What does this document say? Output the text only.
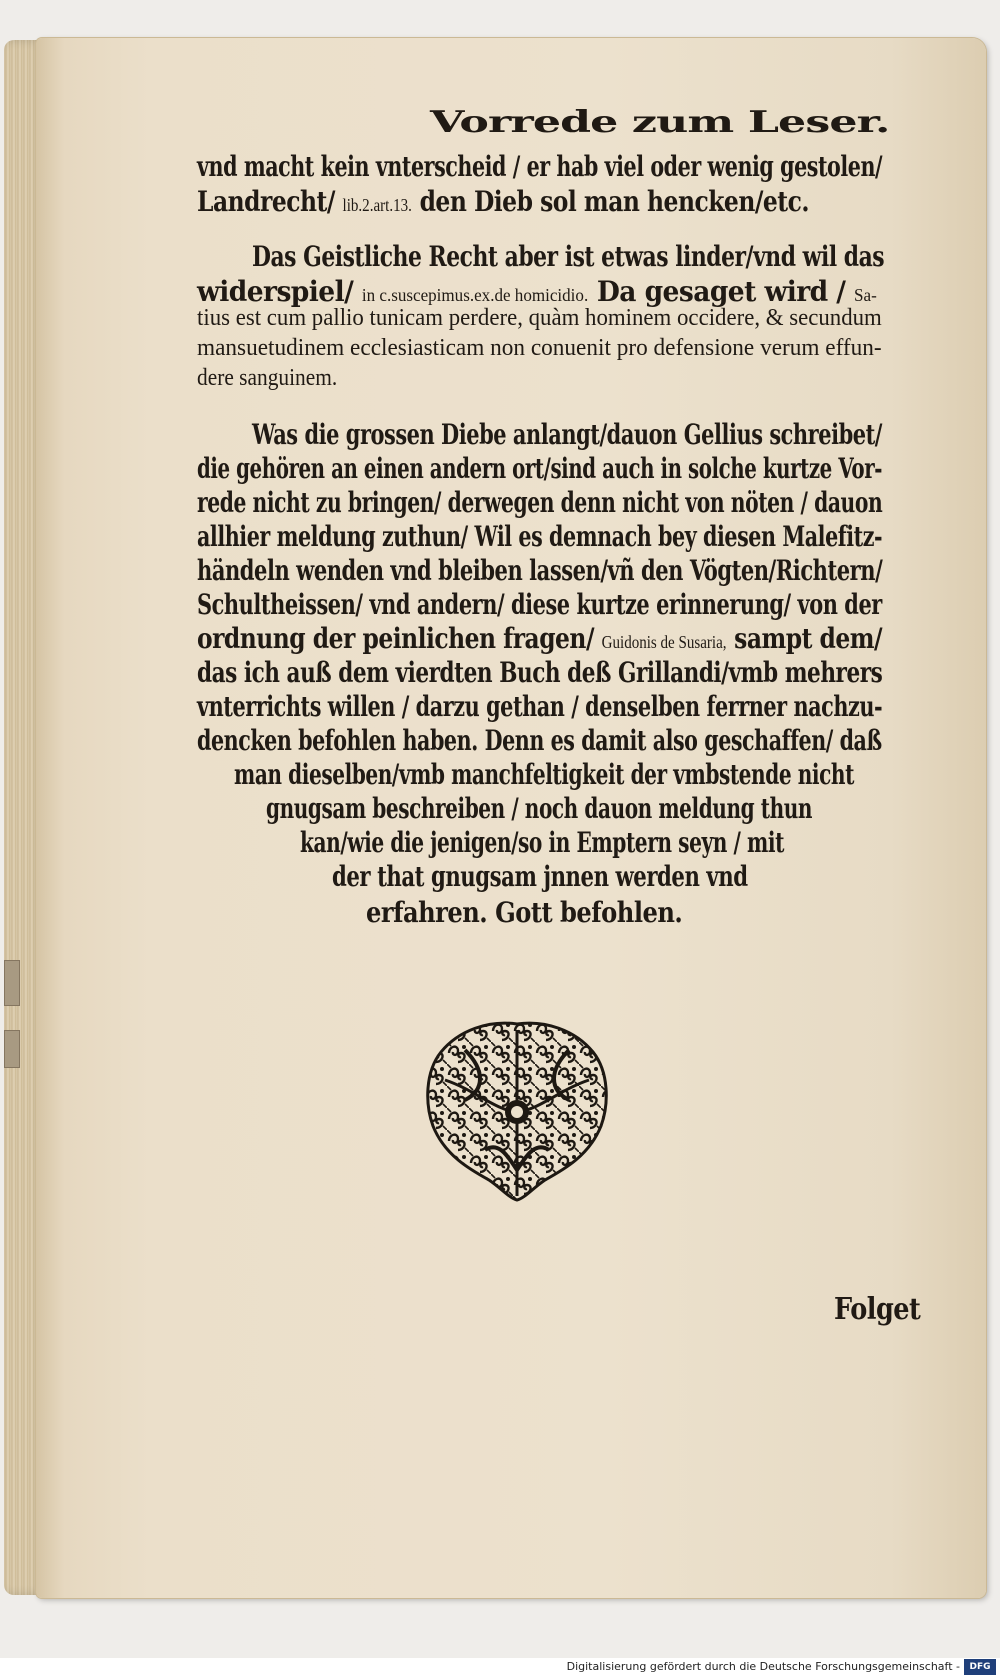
Vorrede zum Leser.
vnd macht kein vnterscheid / er hab viel oder wenig gestolen/
Landrecht/ lib.2.art.13. den Dieb sol man hencken/etc.
Das Geistliche Recht aber ist etwas linder/vnd wil das
widerspiel/ in c.suscepimus.ex.de homicidio. Da gesaget wird / Sa-
tius est cum pallio tunicam perdere, quàm hominem occidere, & secundum
mansuetudinem ecclesiasticam non conuenit pro defensione verum effun-
dere sanguinem.
Was die grossen Diebe anlangt/dauon Gellius schreibet/
die gehören an einen andern ort/sind auch in solche kurtze Vor-
rede nicht zu bringen/ derwegen denn nicht von nöten / dauon
allhier meldung zuthun/ Wil es demnach bey diesen Malefitz-
händeln wenden vnd bleiben lassen/vñ den Vögten/Richtern/
Schultheissen/ vnd andern/ diese kurtze erinnerung/ von der
ordnung der peinlichen fragen/ Guidonis de Susaria, sampt dem/
das ich auß dem vierdten Buch deß Grillandi/vmb mehrers
vnterrichts willen / darzu gethan / denselben ferrner nachzu-
dencken befohlen haben. Denn es damit also geschaffen/ daß
man dieselben/vmb manchfeltigkeit der vmbstende nicht
gnugsam beschreiben / noch dauon meldung thun
kan/wie die jenigen/so in Emptern seyn / mit
der that gnugsam jnnen werden vnd
erfahren. Gott befohlen.
Folget
Digitalisierung gefördert durch die Deutsche Forschungsgemeinschaft -	DFG
